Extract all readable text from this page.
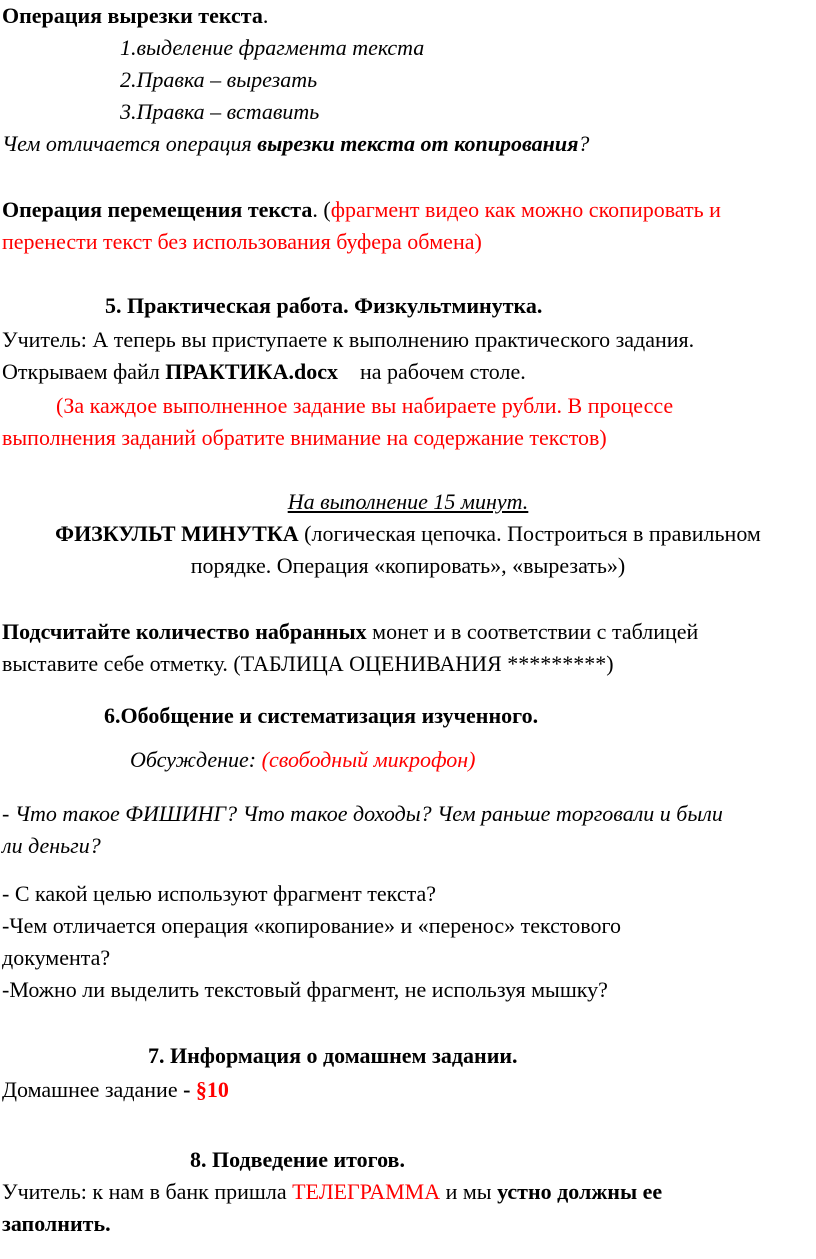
Операция вырезки текста.
1.выделение фрагмента текста
2.Правка – вырезать
3.Правка – вставить
Чем отличается операция вырезки текста от копирования?
Операция перемещения текста. (фрагмент видео как можно скопировать и
перенести текст без использования буфера обмена)
5. Практическая работа. Физкультминутка.
Учитель: А теперь вы приступаете к выполнению практического задания.
Открываем файл ПРАКТИКА.docx    на рабочем столе.
(За каждое выполненное задание вы набираете рубли. В процессе
выполнения заданий обратите внимание на содержание текстов)
На выполнение 15 минут.
ФИЗКУЛЬТ МИНУТКА (логическая цепочка. Построиться в правильном
порядке. Операция «копировать», «вырезать»)
Подсчитайте количество набранных монет и в соответствии с таблицей
выставите себе отметку. (ТАБЛИЦА ОЦЕНИВАНИЯ *********)
6.Обобщение и систематизация изученного.
Обсуждение: (свободный микрофон)
- Что такое ФИШИНГ? Что такое доходы? Чем раньше торговали и были
ли деньги?
- С какой целью используют фрагмент текста?
-Чем отличается операция «копирование» и «перенос» текстового
документа?
-Можно ли выделить текстовый фрагмент, не используя мышку?
7. Информация о домашнем задании.
Домашнее задание - §10
8. Подведение итогов.
Учитель: к нам в банк пришла ТЕЛЕГРАММА и мы устно должны ее
заполнить.
